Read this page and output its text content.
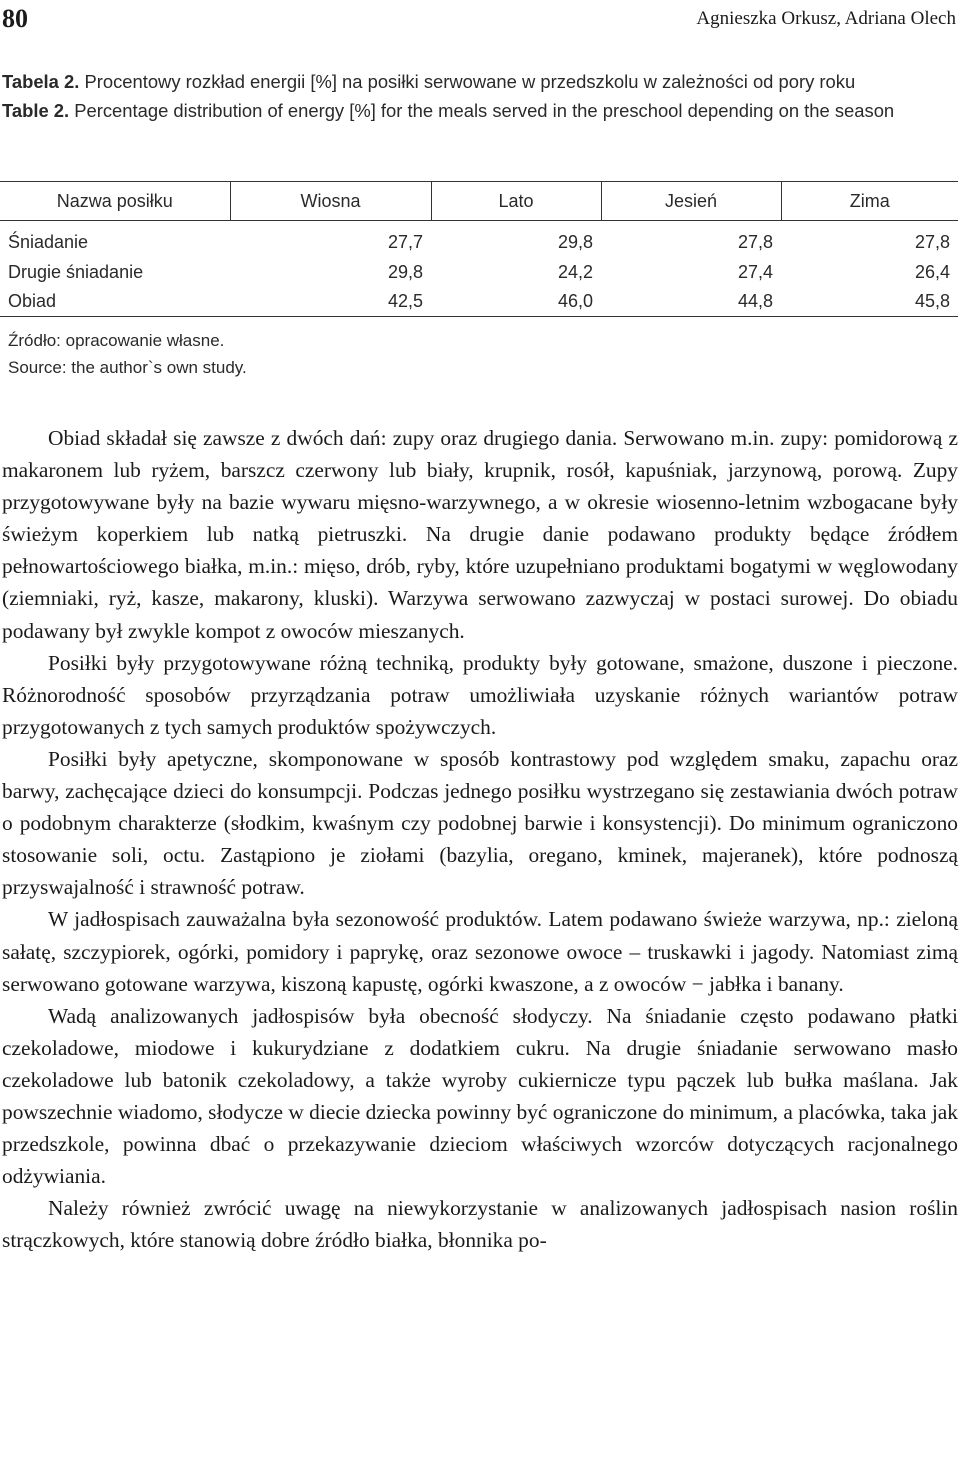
80	Agnieszka Orkusz, Adriana Olech

Tabela 2. Procentowy rozkład energii [%] na posiłki serwowane w przedszkolu w zależności od pory roku

Table 2. Percentage distribution of energy [%] for the meals served in the preschool depending on the season

Nazwa posiłku	Wiosna	Lato	Jesień	Zima
Śniadanie	27,7	29,8	27,8	27,8
Drugie śniadanie	29,8	24,2	27,4	26,4
Obiad	42,5	46,0	44,8	45,8

Źródło: opracowanie własne.

Source: the author`s own study.

Obiad składał się zawsze z dwóch dań: zupy oraz drugiego dania. Serwowano m.in. zupy: pomidorową z makaronem lub ryżem, barszcz czerwony lub biały, krupnik, rosół, kapuśniak, jarzynową, porową. Zupy przygotowywane były na bazie wywaru mięsno-warzywnego, a w okresie wiosenno-letnim wzbogacane były świeżym koperkiem lub natką pietruszki. Na drugie danie podawano produkty będące źródłem pełnowartościowego białka, m.in.: mięso, drób, ryby, które uzupełniano produktami bogatymi w węglowodany (ziemniaki, ryż, kasze, makarony, kluski). Warzywa serwowano zazwyczaj w postaci surowej. Do obiadu podawany był zwykle kompot z owoców mieszanych.

Posiłki były przygotowywane różną techniką, produkty były gotowane, smażone, duszone i pieczone. Różnorodność sposobów przyrządzania potraw umożliwiała uzyskanie różnych wariantów potraw przygotowanych z tych samych produktów spożywczych.

Posiłki były apetyczne, skomponowane w sposób kontrastowy pod względem smaku, zapachu oraz barwy, zachęcające dzieci do konsumpcji. Podczas jednego posiłku wystrzegano się zestawiania dwóch potraw o podobnym charakterze (słodkim, kwaśnym czy podobnej barwie i konsystencji). Do minimum ograniczono stosowanie soli, octu. Zastąpiono je ziołami (bazylia, oregano, kminek, majeranek), które podnoszą przyswajalność i strawność potraw.

W jadłospisach zauważalna była sezonowość produktów. Latem podawano świeże warzywa, np.: zieloną sałatę, szczypiorek, ogórki, pomidory i paprykę, oraz sezonowe owoce – truskawki i jagody. Natomiast zimą serwowano gotowane warzywa, kiszoną kapustę, ogórki kwaszone, a z owoców − jabłka i banany.

Wadą analizowanych jadłospisów była obecność słodyczy. Na śniadanie często podawano płatki czekoladowe, miodowe i kukurydziane z dodatkiem cukru. Na drugie śniadanie serwowano masło czekoladowe lub batonik czekoladowy, a także wyroby cukiernicze typu pączek lub bułka maślana. Jak powszechnie wiadomo, słodycze w diecie dziecka powinny być ograniczone do minimum, a placówka, taka jak przedszkole, powinna dbać o przekazywanie dzieciom właściwych wzorców dotyczących racjonalnego odżywiania.

Należy również zwrócić uwagę na niewykorzystanie w analizowanych jadłospisach nasion roślin strączkowych, które stanowią dobre źródło białka, błonnika po-
